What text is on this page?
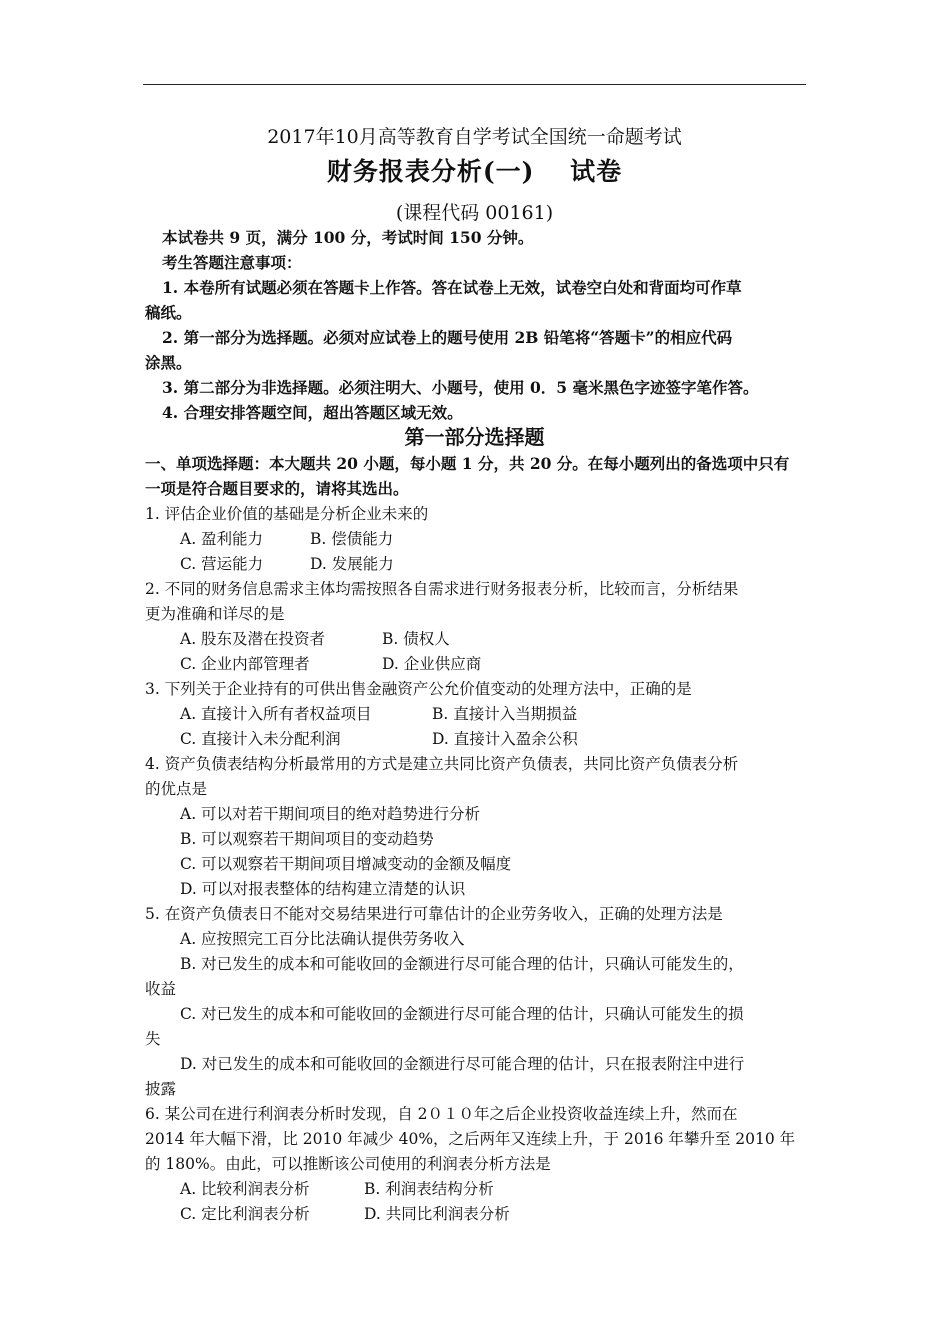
2017年10月高等教育自学考试全国统一命题考试
财务报表分析(一)　 试卷
(课程代码 00161)
本试卷共 9 页，满分 100 分，考试时间 150 分钟。
考生答题注意事项：
1. 本卷所有试题必须在答题卡上作答。答在试卷上无效，试卷空白处和背面均可作草
稿纸。
2. 第一部分为选择题。必须对应试卷上的题号使用 2B 铅笔将“答题卡”的相应代码
涂黑。
3. 第二部分为非选择题。必须注明大、小题号，使用 0．5 毫米黑色字迹签字笔作答。
4. 合理安排答题空间，超出答题区域无效。
第一部分选择题
一、单项选择题：本大题共 20 小题，每小题 1 分，共 20 分。在每小题列出的备选项中只有
一项是符合题目要求的，请将其选出。
1. 评估企业价值的基础是分析企业未来的
A. 盈利能力	B. 偿债能力
C. 营运能力	D. 发展能力
2. 不同的财务信息需求主体均需按照各自需求进行财务报表分析，比较而言，分析结果
更为准确和详尽的是
A. 股东及潜在投资者	B. 债权人
C. 企业内部管理者	D. 企业供应商
3. 下列关于企业持有的可供出售金融资产公允价值变动的处理方法中，正确的是
A. 直接计入所有者权益项目	B. 直接计入当期损益
C. 直接计入未分配利润	D. 直接计入盈余公积
4. 资产负债表结构分析最常用的方式是建立共同比资产负债表，共同比资产负债表分析
的优点是
A. 可以对若干期间项目的绝对趋势进行分析
B. 可以观察若干期间项目的变动趋势
C. 可以观察若干期间项目增减变动的金额及幅度
D. 可以对报表整体的结构建立清楚的认识
5. 在资产负债表日不能对交易结果进行可靠估计的企业劳务收入，正确的处理方法是
A. 应按照完工百分比法确认提供劳务收入
B. 对已发生的成本和可能收回的金额进行尽可能合理的估计，只确认可能发生的，
收益
C. 对已发生的成本和可能收回的金额进行尽可能合理的估计，只确认可能发生的损
失
D. 对已发生的成本和可能收回的金额进行尽可能合理的估计，只在报表附注中进行
披露
6. 某公司在进行利润表分析时发现，自 2０１０年之后企业投资收益连续上升，然而在
2014 年大幅下滑，比 2010 年减少 40%，之后两年又连续上升，于 2016 年攀升至 2010 年
的 180%。由此，可以推断该公司使用的利润表分析方法是
A. 比较利润表分析	B. 利润表结构分析
C. 定比利润表分析	D. 共同比利润表分析
